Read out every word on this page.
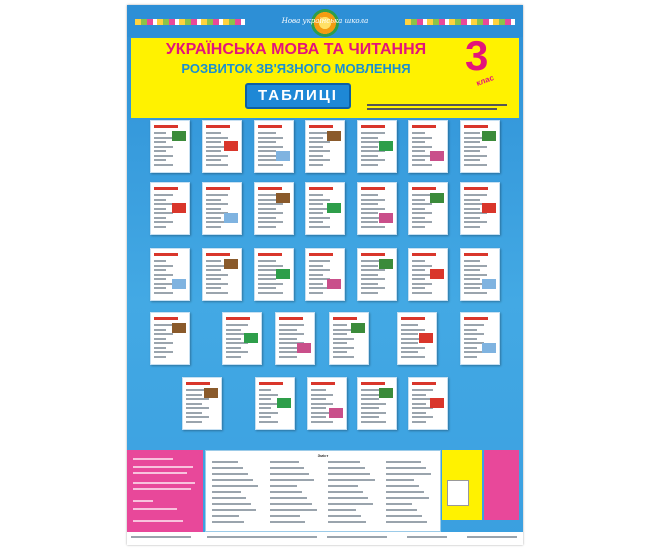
Нова українська школа
УКРАЇНСЬКА МОВА ТА ЧИТАННЯ
РОЗВИТОК ЗВ'ЯЗНОГО МОВЛЕННЯ
ТАБЛИЦІ
3
клас
Зміст
